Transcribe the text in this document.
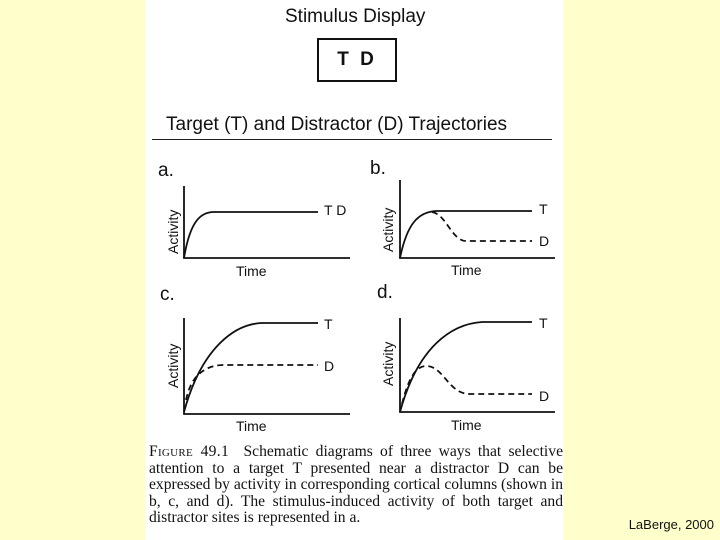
Stimulus Display
T D
Target (T) and Distractor (D) Trajectories
a.	b.
c.	d.
Time	Time
Time	Time
Activity	Activity
Activity	Activity
T D	T
D
T
D
T
D
Figure 49.1 Schematic diagrams of three ways that selective attention to a target T presented near a distractor D can be expressed by activity in corresponding cortical columns (shown in b, c, and d). The stimulus-induced activity of both target and distractor sites is represented in a.	LaBerge, 2000
